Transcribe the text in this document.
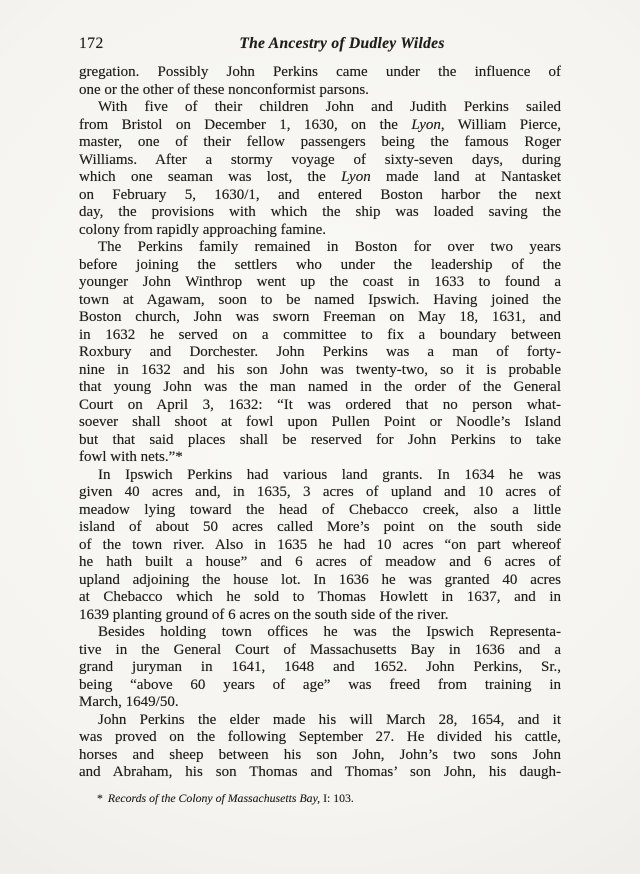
172	The Ancestry of Dudley Wildes
gregation. Possibly John Perkins came under the influence of
one or the other of these nonconformist parsons.
With five of their children John and Judith Perkins sailed
from Bristol on December 1, 1630, on the Lyon, William Pierce,
master, one of their fellow passengers being the famous Roger
Williams. After a stormy voyage of sixty-seven days, during
which one seaman was lost, the Lyon made land at Nantasket
on February 5, 1630/1, and entered Boston harbor the next
day, the provisions with which the ship was loaded saving the
colony from rapidly approaching famine.
The Perkins family remained in Boston for over two years
before joining the settlers who under the leadership of the
younger John Winthrop went up the coast in 1633 to found a
town at Agawam, soon to be named Ipswich. Having joined the
Boston church, John was sworn Freeman on May 18, 1631, and
in 1632 he served on a committee to fix a boundary between
Roxbury and Dorchester. John Perkins was a man of forty-
nine in 1632 and his son John was twenty-two, so it is probable
that young John was the man named in the order of the General
Court on April 3, 1632: “It was ordered that no person what-
soever shall shoot at fowl upon Pullen Point or Noodle’s Island
but that said places shall be reserved for John Perkins to take
fowl with nets.”*
In Ipswich Perkins had various land grants. In 1634 he was
given 40 acres and, in 1635, 3 acres of upland and 10 acres of
meadow lying toward the head of Chebacco creek, also a little
island of about 50 acres called More’s point on the south side
of the town river. Also in 1635 he had 10 acres “on part whereof
he hath built a house” and 6 acres of meadow and 6 acres of
upland adjoining the house lot. In 1636 he was granted 40 acres
at Chebacco which he sold to Thomas Howlett in 1637, and in
1639 planting ground of 6 acres on the south side of the river.
Besides holding town offices he was the Ipswich Representa-
tive in the General Court of Massachusetts Bay in 1636 and a
grand juryman in 1641, 1648 and 1652. John Perkins, Sr.,
being “above 60 years of age” was freed from training in
March, 1649/50.
John Perkins the elder made his will March 28, 1654, and it
was proved on the following September 27. He divided his cattle,
horses and sheep between his son John, John’s two sons John
and Abraham, his son Thomas and Thomas’ son John, his daugh-
* Records of the Colony of Massachusetts Bay, I: 103.
